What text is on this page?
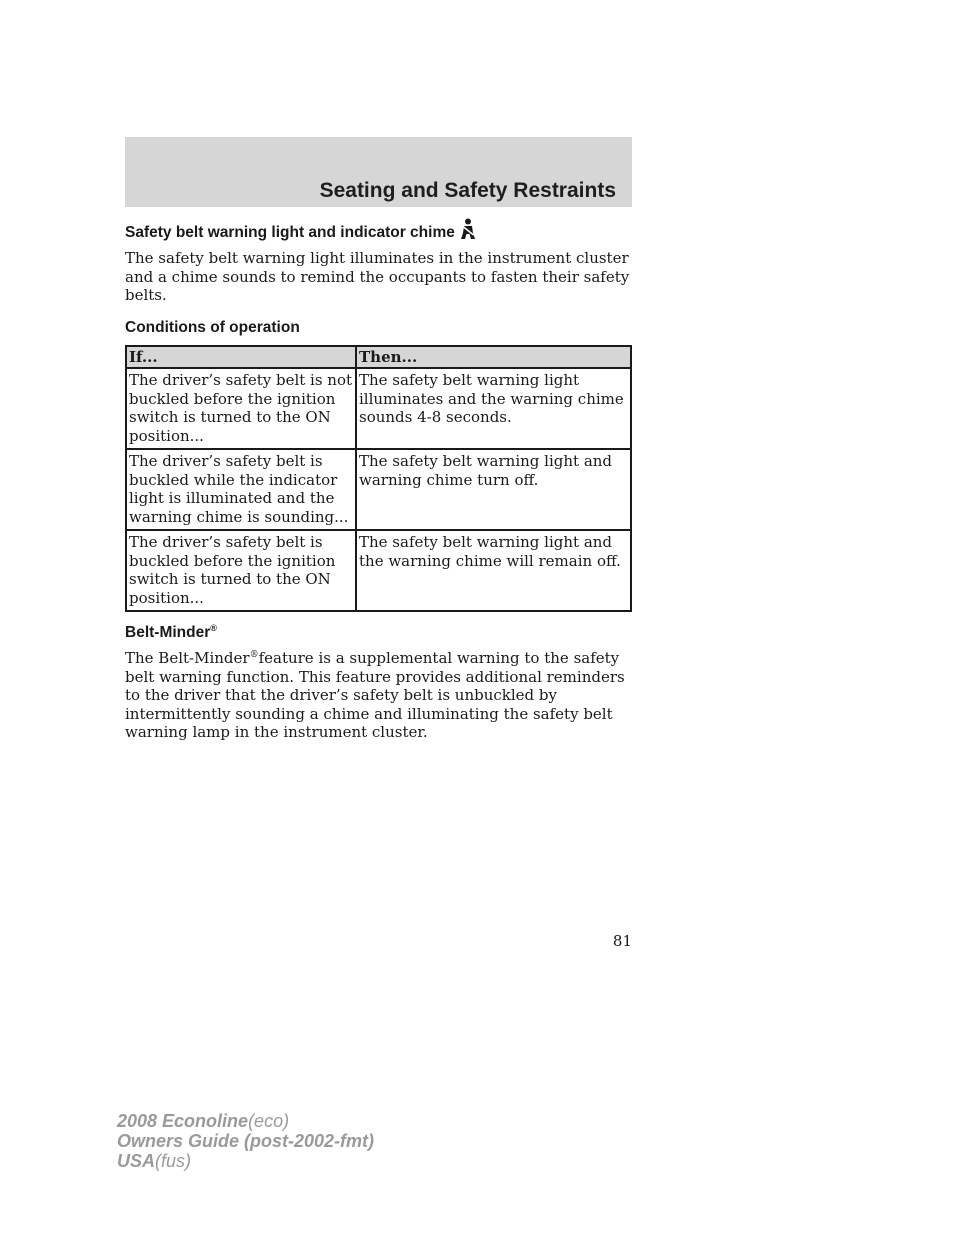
Seating and Safety Restraints
Safety belt warning light and indicator chime

The safety belt warning light illuminates in the instrument cluster and a chime sounds to remind the occupants to fasten their safety belts.

Conditions of operation
If...	Then...
The driver’s safety belt is not buckled before the ignition switch is turned to the ON position...	The safety belt warning light illuminates and the warning chime sounds 4-8 seconds.
The driver’s safety belt is buckled while the indicator light is illuminated and the warning chime is sounding...	The safety belt warning light and warning chime turn off.
The driver’s safety belt is buckled before the ignition switch is turned to the ON position...	The safety belt warning light and the warning chime will remain off.
Belt-Minder®

The Belt-Minder®feature is a supplemental warning to the safety belt warning function. This feature provides additional reminders to the driver that the driver’s safety belt is unbuckled by intermittently sounding a chime and illuminating the safety belt warning lamp in the instrument cluster.

81
2008 Econoline(eco)
Owners Guide (post-2002-fmt)
USA(fus)
